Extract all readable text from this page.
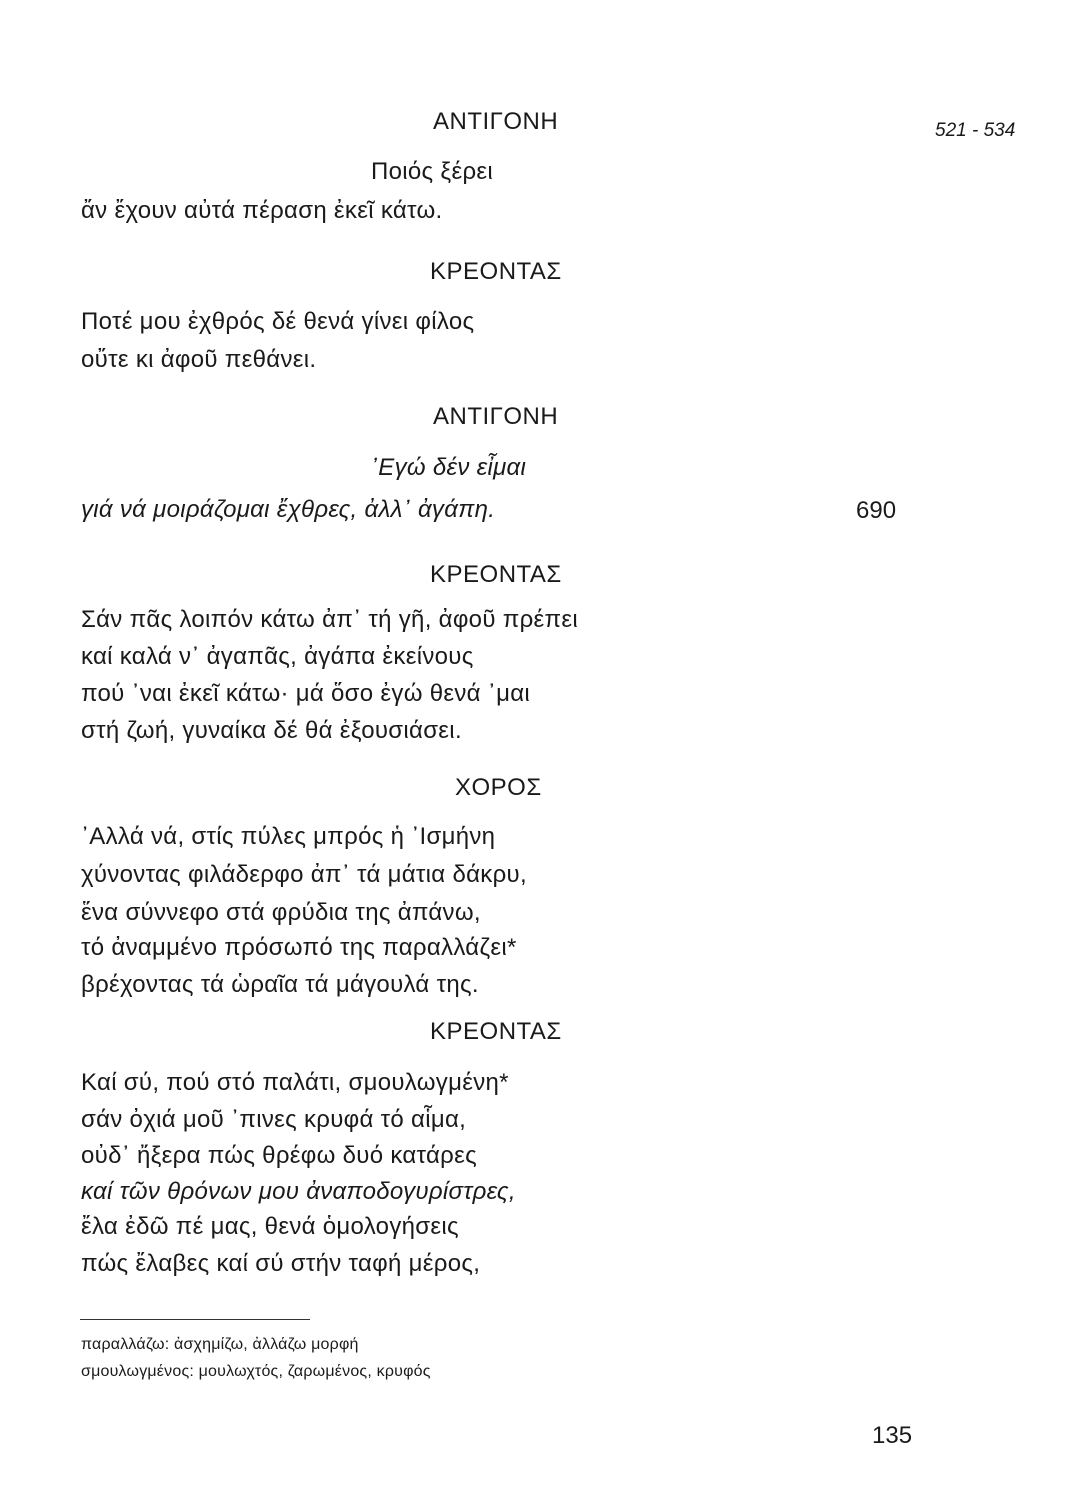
521 - 534
ΑΝΤΙΓΟΝΗ
Ποιός ξέρει
ἄν ἔχουν αὐτά πέραση ἐκεῖ κάτω.
ΚΡΕΟΝΤΑΣ
Ποτέ μου ἐχθρός δέ θενά γίνει φίλος
οὔτε κι ἀφοῦ πεθάνει.
ΑΝΤΙΓΟΝΗ
᾽Εγώ δέν εἶμαι
γιά νά μοιράζομαι ἔχθρες, ἀλλ᾽ ἀγάπη.	690
ΚΡΕΟΝΤΑΣ
Σάν πᾶς λοιπόν κάτω ἀπ᾽ τή γῆ, ἀφοῦ πρέπει
καί καλά ν᾽ ἀγαπᾶς, ἀγάπα ἐκείνους
πού ᾽ναι ἐκεῖ κάτω· μά ὅσο ἐγώ θενά ᾽μαι
στή ζωή, γυναίκα δέ θά ἐξουσιάσει.
ΧΟΡΟΣ
᾽Αλλά νά, στίς πύλες μπρός ἡ ᾽Ισμήνη
χύνοντας φιλάδερφο ἀπ᾽ τά μάτια δάκρυ,
ἕνα σύννεφο στά φρύδια της ἀπάνω,
τό ἀναμμένο πρόσωπό της παραλλάζει*
βρέχοντας τά ὡραῖα τά μάγουλά της.
ΚΡΕΟΝΤΑΣ
Καί σύ, πού στό παλάτι, σμουλωγμένη*
σάν ὀχιά μοῦ ᾽πινες κρυφά τό αἷμα,
οὐδ᾽ ἤξερα πώς θρέφω δυό κατάρες
καί τῶν θρόνων μου ἀναποδογυρίστρες,
ἔλα ἐδῶ πέ μας, θενά ὁμολογήσεις
πώς ἔλαβες καί σύ στήν ταφή μέρος,
παραλλάζω: ἀσχημίζω, ἀλλάζω μορφή
σμουλωγμένος: μουλωχτός, ζαρωμένος, κρυφός
135
